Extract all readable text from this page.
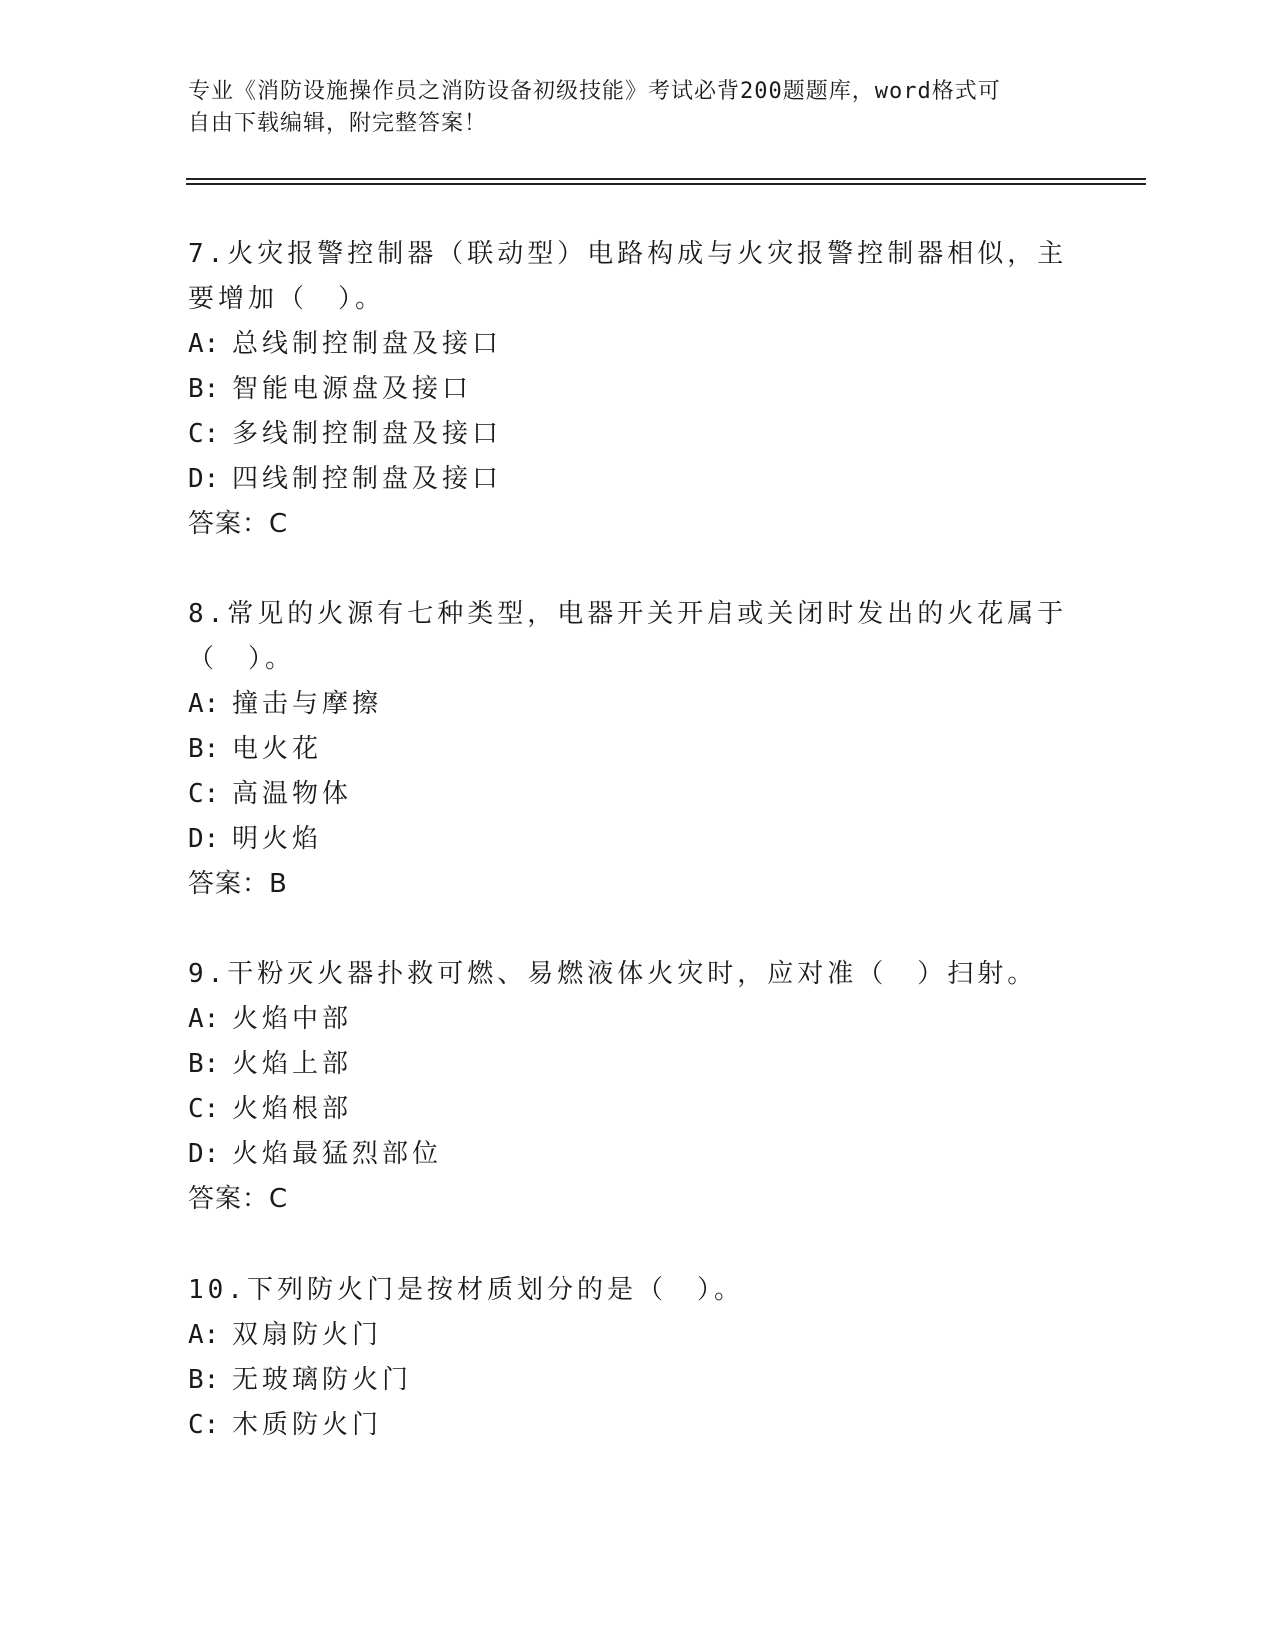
专业《消防设施操作员之消防设备初级技能》考试必背200题题库，word格式可
自由下载编辑，附完整答案！

7.火灾报警控制器（联动型）电路构成与火灾报警控制器相似，主要增加（　）。

A: 总线制控制盘及接口

B: 智能电源盘及接口

C: 多线制控制盘及接口

D: 四线制控制盘及接口

答案：C

8.常见的火源有七种类型，电器开关开启或关闭时发出的火花属于（　）。

A: 撞击与摩擦

B: 电火花

C: 高温物体

D: 明火焰

答案：B

9.干粉灭火器扑救可燃、易燃液体火灾时，应对准（　）扫射。

A: 火焰中部

B: 火焰上部

C: 火焰根部

D: 火焰最猛烈部位

答案：C

10.下列防火门是按材质划分的是（　）。

A: 双扇防火门

B: 无玻璃防火门

C: 木质防火门
